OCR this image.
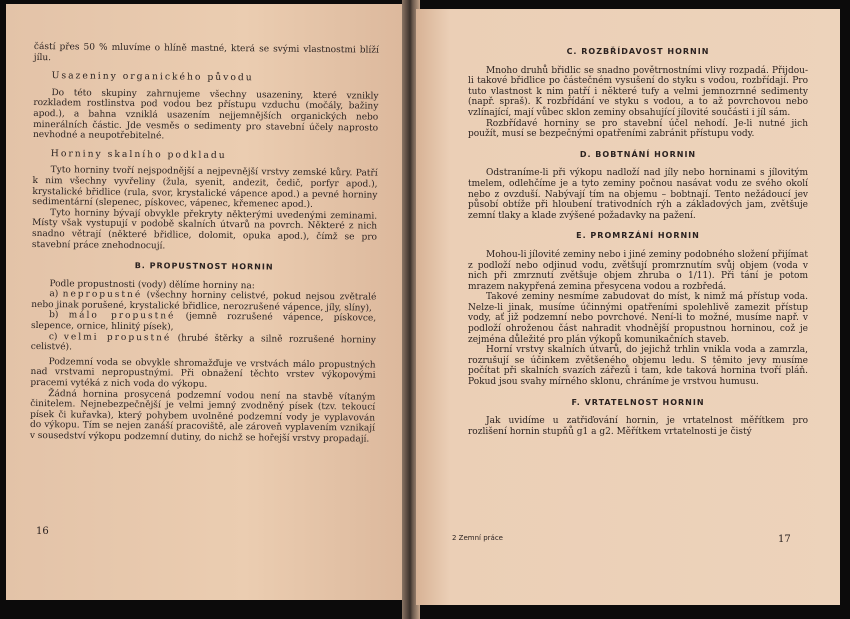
částí přes 50 % mluvíme o hlíně mastné, která se svými vlastnostmi blíží jílu.

Usazeniny organického původu

Do této skupiny zahrnujeme všechny usazeniny, které vznikly rozkladem rostlinstva pod vodou bez přístupu vzduchu (močály, bažiny apod.), a bahna vzniklá usazením nejjemnějších organických nebo minerálních částic. Jde vesměs o sedimenty pro stavební účely naprosto nevhodné a neupotřebitelné.

Horniny skalního podkladu

Tyto horniny tvoří nejspodnější a nejpevnější vrstvy zemské kůry. Patří k nim všechny vyvřeliny (žula, syenit, andezit, čedič, porfyr apod.), krystalické břidlice (rula, svor, krystalické vápence apod.) a pevné horniny sedimentární (slepenec, pískovec, vápenec, křemenec apod.).

Tyto horniny bývají obvykle překryty některými uvedenými zeminami. Místy však vystupují v podobě skalních útvarů na povrch. Některé z nich snadno větrají (některé břidlice, dolomit, opuka apod.), čímž se pro stavební práce znehodnocují.

B. PROPUSTNOST HORNIN

Podle propustnosti (vody) dělíme horniny na:

a) nepropustné (všechny horniny celistvé, pokud nejsou zvětralé nebo jinak porušené, krystalické břidlice, nerozrušené vápence, jíly, slíny),

b) málo propustné (jemně rozrušené vápence, pískovce, slepence, ornice, hlinitý písek),

c) velmi propustné (hrubé štěrky a silně rozrušené horniny celistvé).

Podzemní voda se obvykle shromažďuje ve vrstvách málo propustných nad vrstvami nepropustnými. Při obnažení těchto vrstev výkopovými pracemi vytéká z nich voda do výkopu.

Žádná hornina prosycená podzemní vodou není na stavbě vítaným činitelem. Nejnebezpečnější je velmi jemný zvodněný písek (tzv. tekoucí písek či kuřavka), který pohybem uvolněné podzemní vody je vyplavován do výkopu. Tím se nejen zanáší pracoviště, ale zároveň vyplavením vznikají v sousedství výkopu podzemní dutiny, do nichž se hořejší vrstvy propadají.

16
C. ROZBŘÍDAVOST HORNIN

Mnoho druhů břidlic se snadno povětrnostními vlivy rozpadá. Přijdou-li takové břidlice po částečném vysušení do styku s vodou, rozbřídají. Pro tuto vlastnost k nim patří i některé tufy a velmi jemnozrnné sedimenty (např. spraš). K rozbřídání ve styku s vodou, a to až povrchovou nebo vzlínající, mají vůbec sklon zeminy obsahující jílovité součásti i jíl sám.

Rozbřídavé horniny se pro stavební účel nehodí. Je-li nutné jich použít, musí se bezpečnými opatřeními zabránit přístupu vody.

D. BOBTNÁNÍ HORNIN

Odstraníme-li při výkopu nadloží nad jíly nebo horninami s jílovitým tmelem, odlehčíme je a tyto zeminy počnou nasávat vodu ze svého okolí nebo z ovzduší. Nabývají tím na objemu – bobtnají. Tento nežádoucí jev působí obtíže při hloubení trativodních rýh a základových jam, zvětšuje zemní tlaky a klade zvýšené požadavky na pažení.

E. PROMRZÁNÍ HORNIN

Mohou-li jílovité zeminy nebo i jiné zeminy podobného složení přijímat z podloží nebo odjinud vodu, zvětšují promrznutím svůj objem (voda v nich při zmrznutí zvětšuje objem zhruba o 1/11). Při tání je potom mrazem nakypřená zemina přesycena vodou a rozbředá.

Takové zeminy nesmíme zabudovat do míst, k nimž má přístup voda. Nelze-li jinak, musíme účinnými opatřeními spolehlivě zamezit přístup vody, ať již podzemní nebo povrchové. Není-li to možné, musíme např. v podloží ohroženou část nahradit vhodnější propustnou horninou, což je zejména důležité pro plán výkopů komunikačních staveb.

Horní vrstvy skalních útvarů, do jejichž trhlin vnikla voda a zamrzla, rozrušují se účinkem zvětšeného objemu ledu. S těmito jevy musíme počítat při skalních svazích zářezů i tam, kde taková hornina tvoří pláň. Pokud jsou svahy mírného sklonu, chráníme je vrstvou humusu.

F. VRTATELNOST HORNIN

Jak uvidíme u zatřiďování hornin, je vrtatelnost měřítkem pro rozlišení hornin stupňů g1 a g2. Měřítkem vrtatelnosti je čistý

2 Zemní práce	17
